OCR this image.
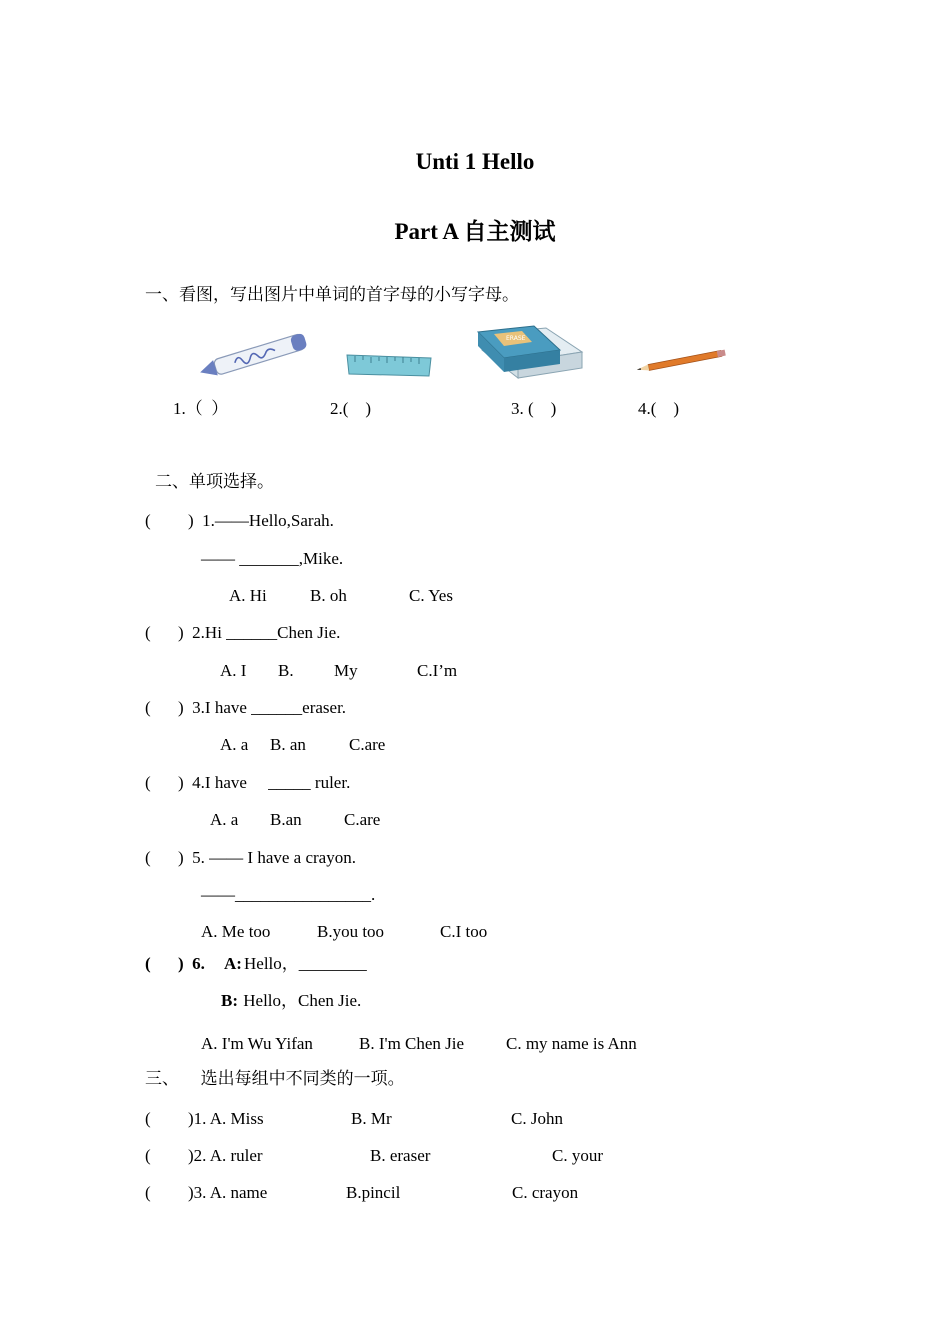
Unti 1 Hello
Part A 自主测试
一、看图，写出图片中单词的首字母的小写字母。
ERASE
1.（  ）	2.(    )	3. (    )	4.(    )
二、单项选择。
( )  1.——Hello,Sarah.
—— _______,Mike.
A. Hi	B. oh	C. Yes
( )  2.Hi ______Chen Jie.
A. I B. My	C.I’m
( )  3.I have ______eraser.
A. a B. an	C.are
( )  4.I have     _____ ruler.
A. a B.an C.are
( )  5. —— I have a crayon.
——________________.
A. Me too	B.you too	C.I too
( )  6. A: Hello，________
B: Hello，Chen Jie.
A. I'm Wu Yifan	B. I'm Chen Jie C. my name is Ann
三、    选出每组中不同类的一项。
( )1. A. Miss	B. Mr	C. John
( )2. A. ruler	B. eraser	C. your
( )3. A. name	B.pincil	C. crayon
